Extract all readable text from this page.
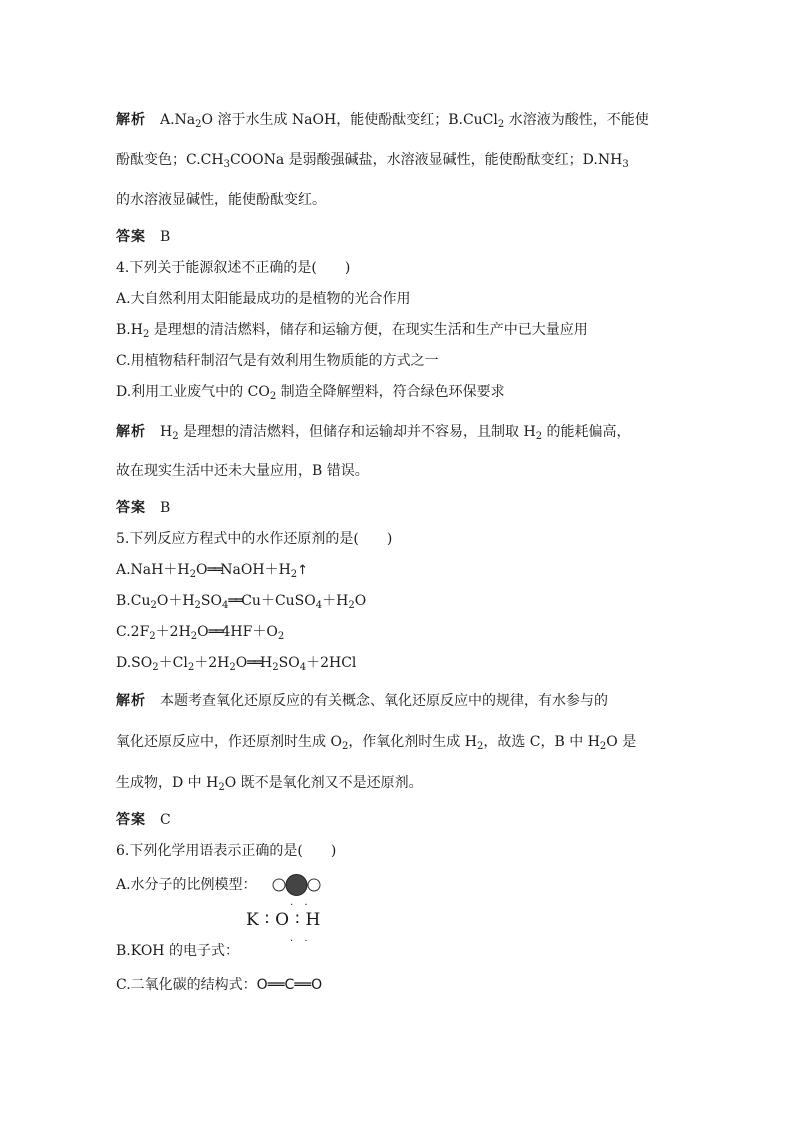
解析 $A.Na_2O$ 溶于水生成 NaOH，能使酚酞变红；B.CuCl$_2$ 水溶液为酸性，不能使
酚酞变色；$C.CH_3COONa$ 是弱酸强碱盐，水溶液显碱性，能使酚酞变红；$D.NH_3$
的水溶液显碱性，能使酚酞变红。
答案 B
4.下列关于能源叙述不正确的是(　　)
A.大自然利用太阳能最成功的是植物的光合作用
$B.H_2$ 是理想的清洁燃料，储存和运输方便，在现实生活和生产中已大量应用
C.用植物秸秆制沼气是有效利用生物质能的方式之一
D.利用工业废气中的 $CO_2$ 制造全降解塑料，符合绿色环保要求
解析 $H_2$ 是理想的清洁燃料，但储存和运输却并不容易，且制取 $H_2$ 的能耗偏高，
故在现实生活中还未大量应用，B 错误。
答案 B
5.下列反应方程式中的水作还原剂的是(　　)
$A.NaH+H_2O══NaOH+H_2↑$
$B.Cu_2O+H_2SO_4══Cu+CuSO_4+H_2O$
$C.2F_2+2H_2O══4HF+O_2$
$D.SO_2+Cl_2+2H_2O══H_2SO_4+2HCl$
解析 本题考查氧化还原反应的有关概念、氧化还原反应中的规律，有水参与的
氧化还原反应中，作还原剂时生成 $O_2$，作氧化剂时生成 $H_2$，故选 C，B 中 $H_2O$ 是
生成物，D 中 $H_2O$ 既不是氧化剂又不是还原剂。
答案 C
6.下列化学用语表示正确的是(　　)
A.水分子的比例模型：
· ·
K∶O∶H
· ·
B.KOH 的电子式：
C.二氧化碳的结构式：O══C══O
